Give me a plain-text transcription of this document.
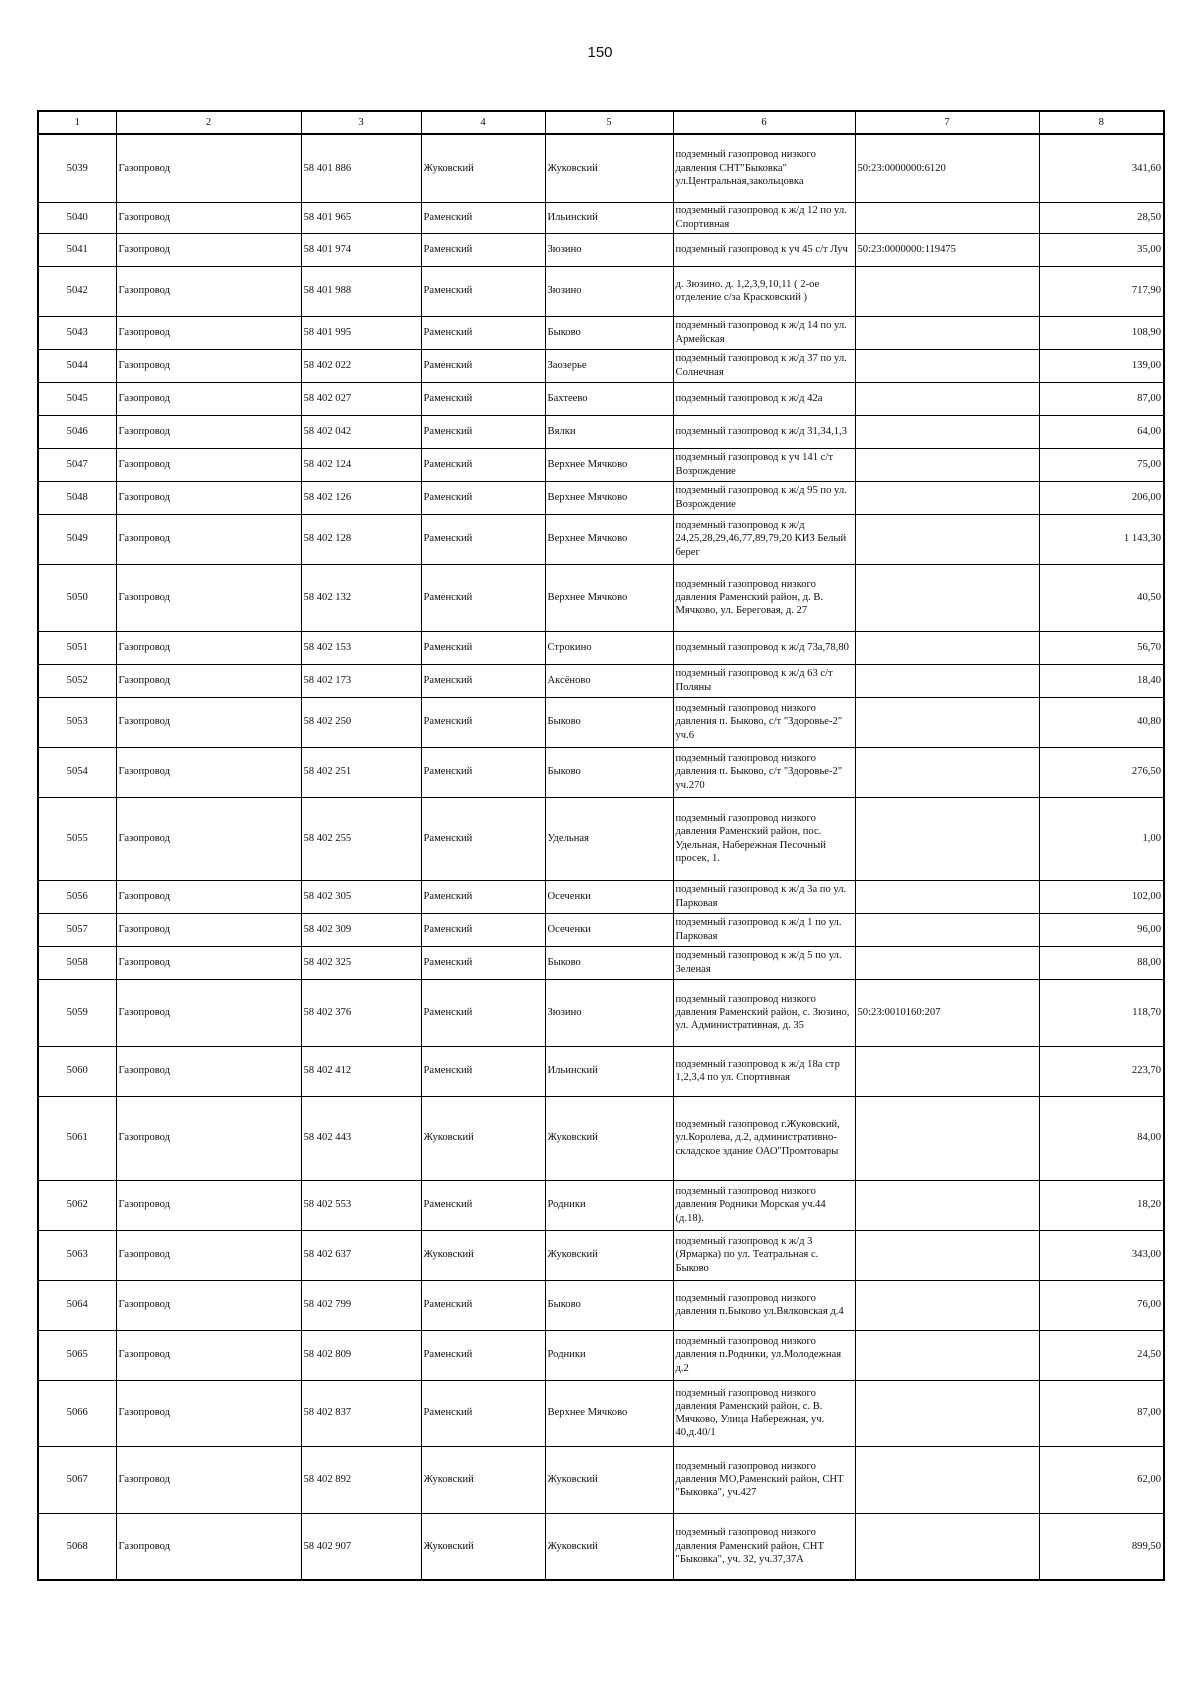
150
1	2	3	4	5	6	7	8
5039	Газопровод	58 401 886	Жуковский	Жуковский	подземный газопровод низкого давления СНТ"Быковка" ул.Центральная,закольцовка	50:23:0000000:6120	341,60
5040	Газопровод	58 401 965	Раменский	Ильинский	подземный газопровод к ж/д 12 по ул. Спортивная		28,50
5041	Газопровод	58 401 974	Раменский	Зюзино	подземный газопровод к уч 45 с/т Луч	50:23:0000000:119475	35,00
5042	Газопровод	58 401 988	Раменский	Зюзино	д. Зюзино. д. 1,2,3,9,10,11 ( 2-ое отделение с/за Красковский )		717,90
5043	Газопровод	58 401 995	Раменский	Быково	подземный газопровод к ж/д 14 по ул. Армейская		108,90
5044	Газопровод	58 402 022	Раменский	Заозерье	подземный газопровод к ж/д 37 по ул. Солнечная		139,00
5045	Газопровод	58 402 027	Раменский	Бахтеево	подземный газопровод к ж/д 42а		87,00
5046	Газопровод	58 402 042	Раменский	Вялки	подземный газопровод к ж/д 31,34,1,3		64,00
5047	Газопровод	58 402 124	Раменский	Верхнее Мячково	подземный газопровод к уч 141 с/т Возрождение		75,00
5048	Газопровод	58 402 126	Раменский	Верхнее Мячково	подземный газопровод к ж/д 95 по ул. Возрождение		206,00
5049	Газопровод	58 402 128	Раменский	Верхнее Мячково	подземный газопровод к ж/д 24,25,28,29,46,77,89,79,20 КИЗ Белый берег		1 143,30
5050	Газопровод	58 402 132	Раменский	Верхнее Мячково	подземный газопровод низкого давления Раменский район, д. В. Мячково, ул. Береговая, д. 27		40,50
5051	Газопровод	58 402 153	Раменский	Строкино	подземный газопровод к ж/д 73а,78,80		56,70
5052	Газопровод	58 402 173	Раменский	Аксёново	подземный газопровод к ж/д 63 с/т Поляны		18,40
5053	Газопровод	58 402 250	Раменский	Быково	подземный газопровод низкого давления п. Быково, с/т "Здоровье-2" уч.6		40,80
5054	Газопровод	58 402 251	Раменский	Быково	подземный газопровод низкого давления п. Быково, с/т "Здоровье-2" уч.270		276,50
5055	Газопровод	58 402 255	Раменский	Удельная	подземный газопровод низкого давления Раменский район, пос. Удельная, Набережная Песочный просек, 1.		1,00
5056	Газопровод	58 402 305	Раменский	Осеченки	подземный газопровод к ж/д 3а по ул. Парковая		102,00
5057	Газопровод	58 402 309	Раменский	Осеченки	подземный газопровод к ж/д 1 по ул. Парковая		96,00
5058	Газопровод	58 402 325	Раменский	Быково	подземный газопровод к ж/д 5 по ул. Зеленая		88,00
5059	Газопровод	58 402 376	Раменский	Зюзино	подземный газопровод низкого давления Раменский район, с. Зюзино, ул. Административная, д. 35	50:23:0010160:207	118,70
5060	Газопровод	58 402 412	Раменский	Ильинский	подземный газопровод к ж/д 18а стр 1,2,3,4 по ул. Спортивная		223,70
5061	Газопровод	58 402 443	Жуковский	Жуковский	подземный газопровод г.Жуковский, ул.Королева, д.2, административно-складское здание ОАО"Промтовары		84,00
5062	Газопровод	58 402 553	Раменский	Родники	подземный газопровод низкого давления Родники Морская уч.44 (д.18).		18,20
5063	Газопровод	58 402 637	Жуковский	Жуковский	подземный газопровод к ж/д 3 (Ярмарка) по ул. Театральная с. Быково		343,00
5064	Газопровод	58 402 799	Раменский	Быково	подземный газопровод низкого давления п.Быково ул.Вялковская д.4		76,00
5065	Газопровод	58 402 809	Раменский	Родники	подземный газопровод низкого давления п.Родники, ул.Молодежная д.2		24,50
5066	Газопровод	58 402 837	Раменский	Верхнее Мячково	подземный газопровод низкого давления Раменский район, с. В. Мячково, Улица Набережная, уч. 40,д.40/1		87,00
5067	Газопровод	58 402 892	Жуковский	Жуковский	подземный газопровод низкого давления МО,Раменский район, СНТ "Быковка", уч.427		62,00
5068	Газопровод	58 402 907	Жуковский	Жуковский	подземный газопровод низкого давления Раменский район, СНТ "Быковка", уч. 32, уч.37,37А		899,50
